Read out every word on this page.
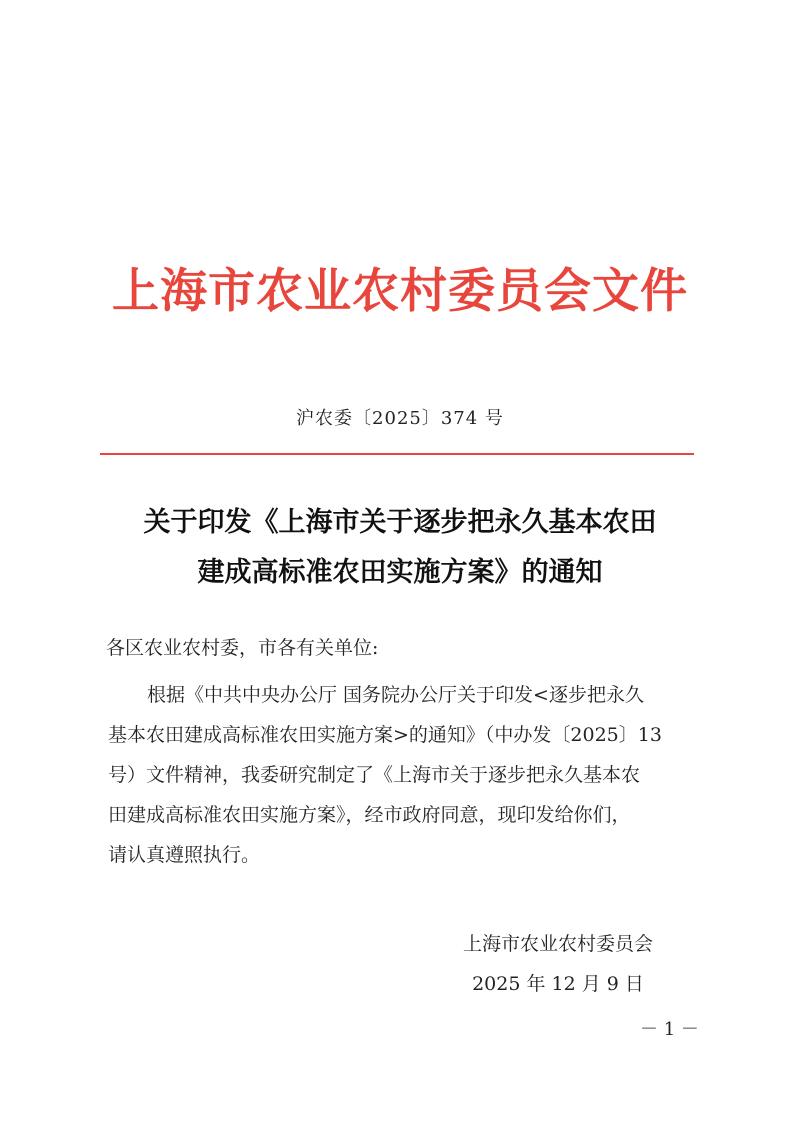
上海市农业农村委员会文件
沪农委〔2025〕374 号
关于印发《上海市关于逐步把永久基本农田
建成高标准农田实施方案》的通知
各区农业农村委，市各有关单位:
根据《中共中央办公厅 国务院办公厅关于印发<逐步把永久
基本农田建成高标准农田实施方案>的通知》（中办发〔2025〕13
号）文件精神，我委研究制定了《上海市关于逐步把永久基本农
田建成高标准农田实施方案》，经市政府同意，现印发给你们，
请认真遵照执行。
上海市农业农村委员会
2025 年 12 月 9 日
－ 1 －
